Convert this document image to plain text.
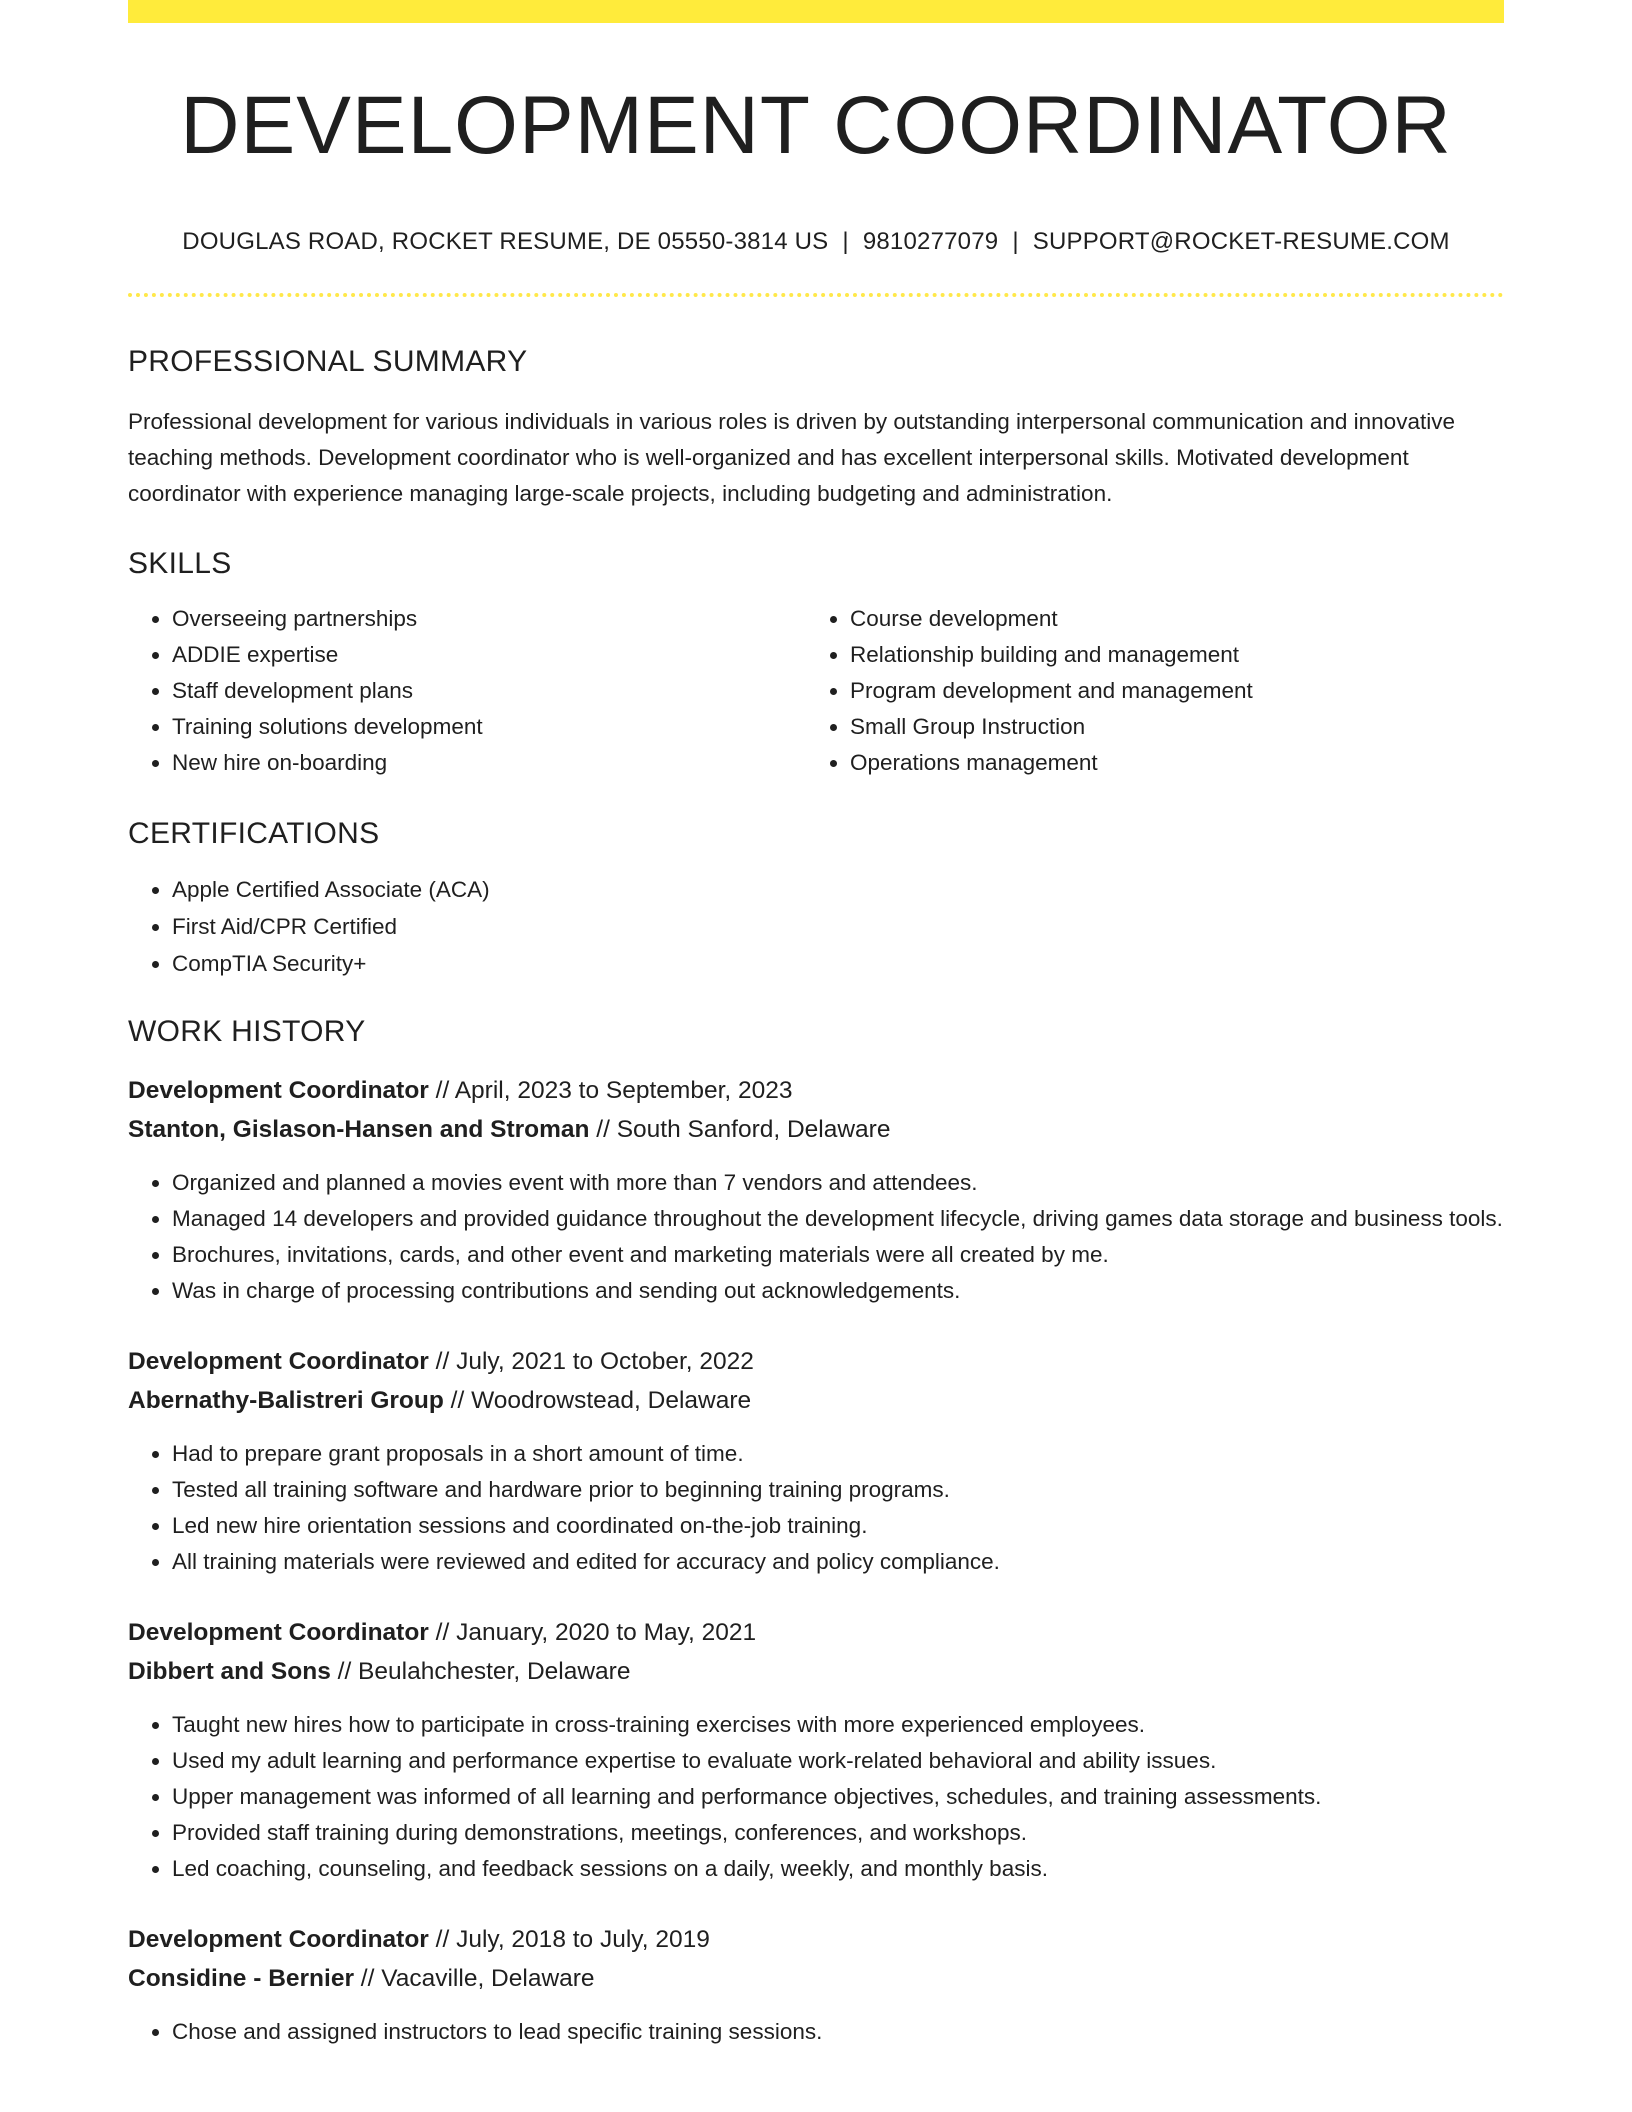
DEVELOPMENT COORDINATOR
DOUGLAS ROAD, ROCKET RESUME, DE 05550-3814 US | 9810277079 | SUPPORT@ROCKET-RESUME.COM
PROFESSIONAL SUMMARY
Professional development for various individuals in various roles is driven by outstanding interpersonal communication and innovative teaching methods. Development coordinator who is well-organized and has excellent interpersonal skills. Motivated development coordinator with experience managing large-scale projects, including budgeting and administration.
SKILLS
• Overseeing partnerships
• ADDIE expertise
• Staff development plans
• Training solutions development
• New hire on-boarding
• Course development
• Relationship building and management
• Program development and management
• Small Group Instruction
• Operations management
CERTIFICATIONS
• Apple Certified Associate (ACA)
• First Aid/CPR Certified
• CompTIA Security+
WORK HISTORY
Development Coordinator // April, 2023 to September, 2023
Stanton, Gislason-Hansen and Stroman // South Sanford, Delaware
• Organized and planned a movies event with more than 7 vendors and attendees.
• Managed 14 developers and provided guidance throughout the development lifecycle, driving games data storage and business tools.
• Brochures, invitations, cards, and other event and marketing materials were all created by me.
• Was in charge of processing contributions and sending out acknowledgements.
Development Coordinator // July, 2021 to October, 2022
Abernathy-Balistreri Group // Woodrowstead, Delaware
• Had to prepare grant proposals in a short amount of time.
• Tested all training software and hardware prior to beginning training programs.
• Led new hire orientation sessions and coordinated on-the-job training.
• All training materials were reviewed and edited for accuracy and policy compliance.
Development Coordinator // January, 2020 to May, 2021
Dibbert and Sons // Beulahchester, Delaware
• Taught new hires how to participate in cross-training exercises with more experienced employees.
• Used my adult learning and performance expertise to evaluate work-related behavioral and ability issues.
• Upper management was informed of all learning and performance objectives, schedules, and training assessments.
• Provided staff training during demonstrations, meetings, conferences, and workshops.
• Led coaching, counseling, and feedback sessions on a daily, weekly, and monthly basis.
Development Coordinator // July, 2018 to July, 2019
Considine - Bernier // Vacaville, Delaware
• Chose and assigned instructors to lead specific training sessions.
